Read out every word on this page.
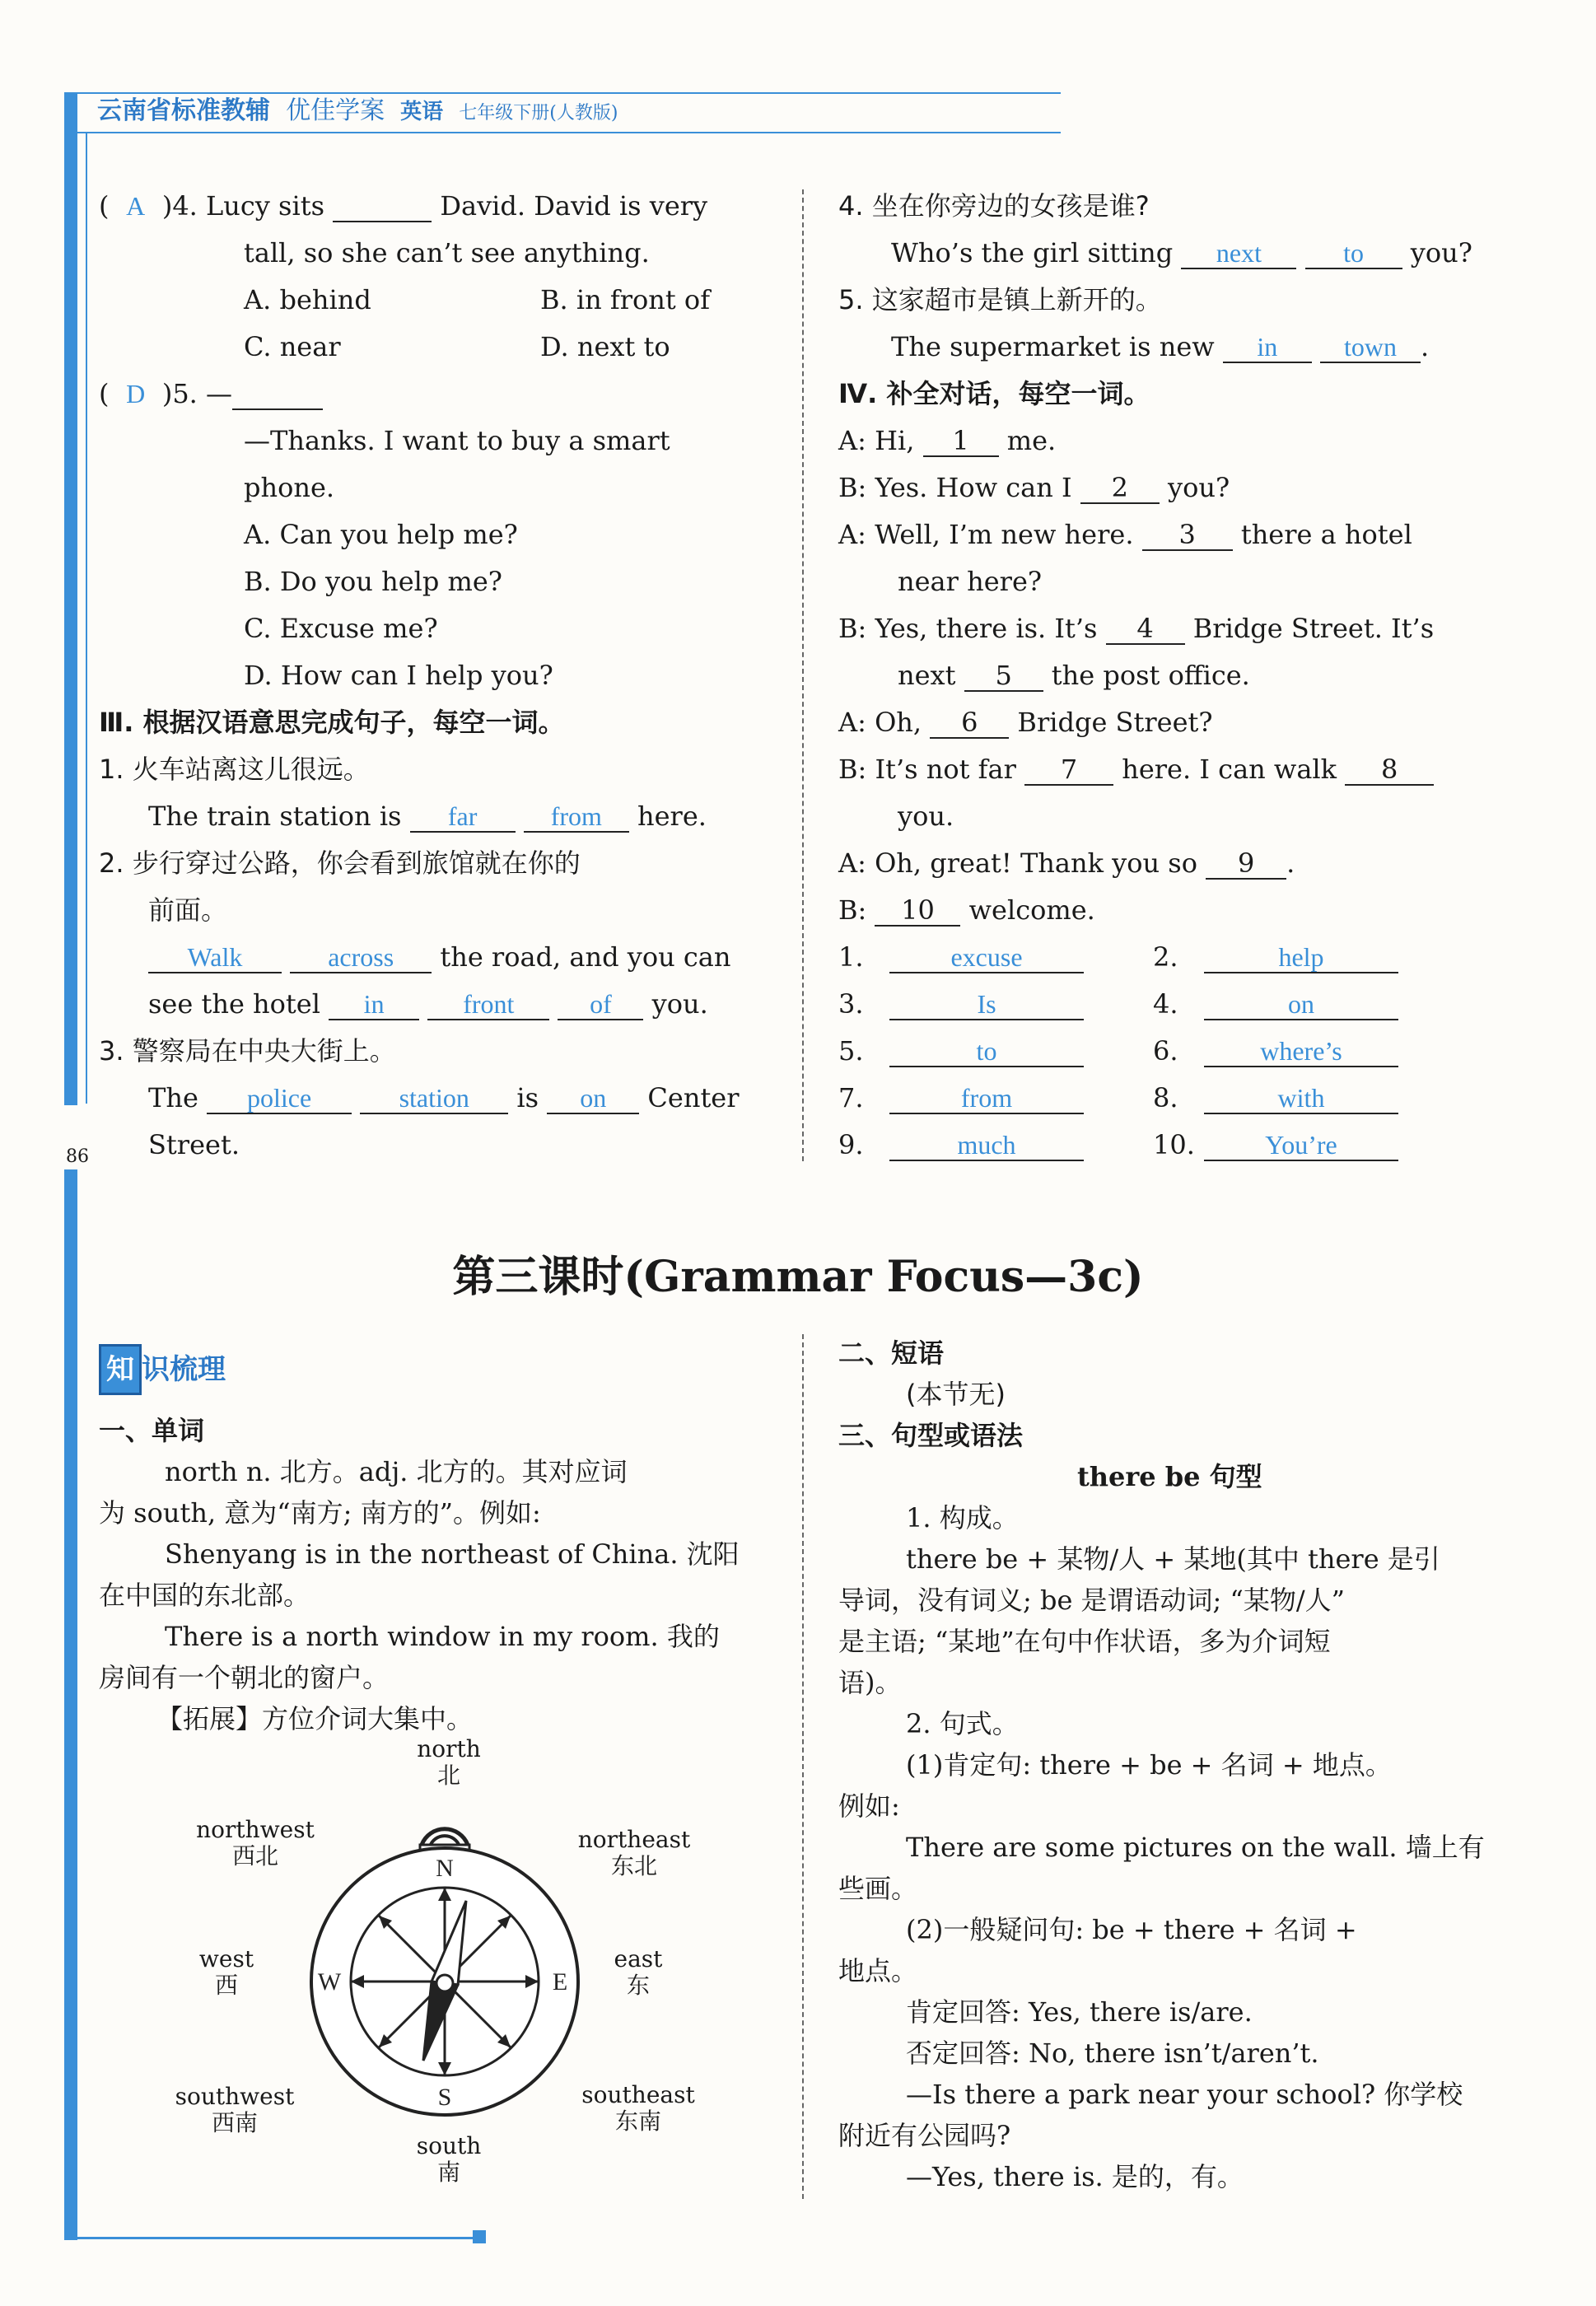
云南省标准教辅 优佳学案 英语 七年级下册(人教版)
86
( A )4. Lucy sits	David. David is very
tall, so she can’t see anything.
A. behind	B. in front of
C. near	D. next to
( D )5. —
—Thanks. I want to buy a smart
phone.
A. Can you help me?
B. Do you help me?
C. Excuse me?
D. How can I help you?
Ⅲ. 根据汉语意思完成句子，每空一词。
1. 火车站离这儿很远。
The train station is far	from here.
2. 步行穿过公路，你会看到旅馆就在你的
前面。
Walk	across the road, and you can
see the hotel in	front	of you.
3. 警察局在中央大街上。
The police	station is on Center
Street.
4. 坐在你旁边的女孩是谁?
Who’s the girl sitting next	to you?
5. 这家超市是镇上新开的。
The supermarket is new in	town .
Ⅳ. 补全对话，每空一词。
A: Hi, 1 me.
B: Yes. How can I 2 you?
A: Well, I’m new here. 3 there a hotel
near here?
B: Yes, there is. It’s 4 Bridge Street. It’s
next 5 the post office.
A: Oh, 6 Bridge Street?
B: It’s not far 7 here. I can walk 8
you.
A: Oh, great! Thank you so 9 .
B: 10 welcome.
1.	excuse	2.	help
3.	Is	4.	on
5.	to	6.	where’s
7.	from	8.	with
9.	much	10.	You’re
第三课时(Grammar Focus—3c)
知 识梳理
一、单词
north n. 北方。adj. 北方的。其对应词
为 south, 意为“南方; 南方的”。例如:
Shenyang is in the northeast of China. 沈阳
在中国的东北部。
There is a north window in my room. 我的
房间有一个朝北的窗户。
【拓展】方位介词大集中。
north
北
south
南
west
西
east
东
northwest
西北
northeast
东北
southwest
西南
southeast
东南
N
S
W	E
二、短语
(本节无)
三、句型或语法
there be 句型
1. 构成。
there be + 某物/人 + 某地(其中 there 是引
导词，没有词义; be 是谓语动词; “某物/人”
是主语; “某地”在句中作状语，多为介词短
语)。
2. 句式。
(1)肯定句: there + be + 名词 + 地点。
例如:
There are some pictures on the wall. 墙上有
些画。
(2)一般疑问句: be + there + 名词 +
地点。
肯定回答: Yes, there is/are.
否定回答: No, there isn’t/aren’t.
—Is there a park near your school? 你学校
附近有公园吗?
—Yes, there is. 是的，有。
